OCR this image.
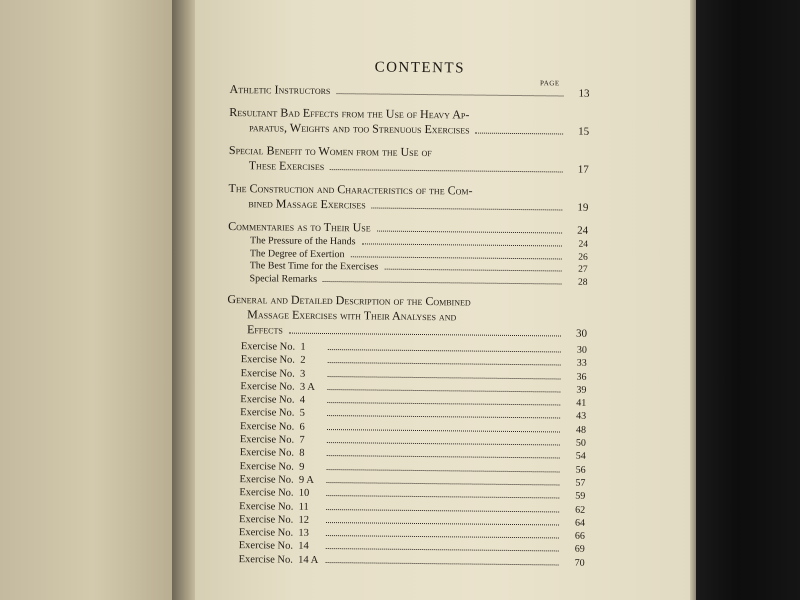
CONTENTS
PAGE
Athletic Instructors	13
Resultant Bad Effects from the Use of Heavy Ap-
paratus, Weights and too Strenuous Exercises	15
Special Benefit to Women from the Use of
These Exercises	17
The Construction and Characteristics of the Com-
bined Massage Exercises	19
Commentaries as to Their Use	24
The Pressure of the Hands	24
The Degree of Exertion	26
The Best Time for the Exercises	27
Special Remarks	28
General and Detailed Description of the Combined
Massage Exercises with Their Analyses and
Effects	30
Exercise No. 1	30
Exercise No. 2	33
Exercise No. 3	36
Exercise No. 3 A	39
Exercise No. 4	41
Exercise No. 5	43
Exercise No. 6	48
Exercise No. 7	50
Exercise No. 8	54
Exercise No. 9	56
Exercise No. 9 A	57
Exercise No. 10	59
Exercise No. 11	62
Exercise No. 12	64
Exercise No. 13	66
Exercise No. 14	69
Exercise No. 14 A	70
